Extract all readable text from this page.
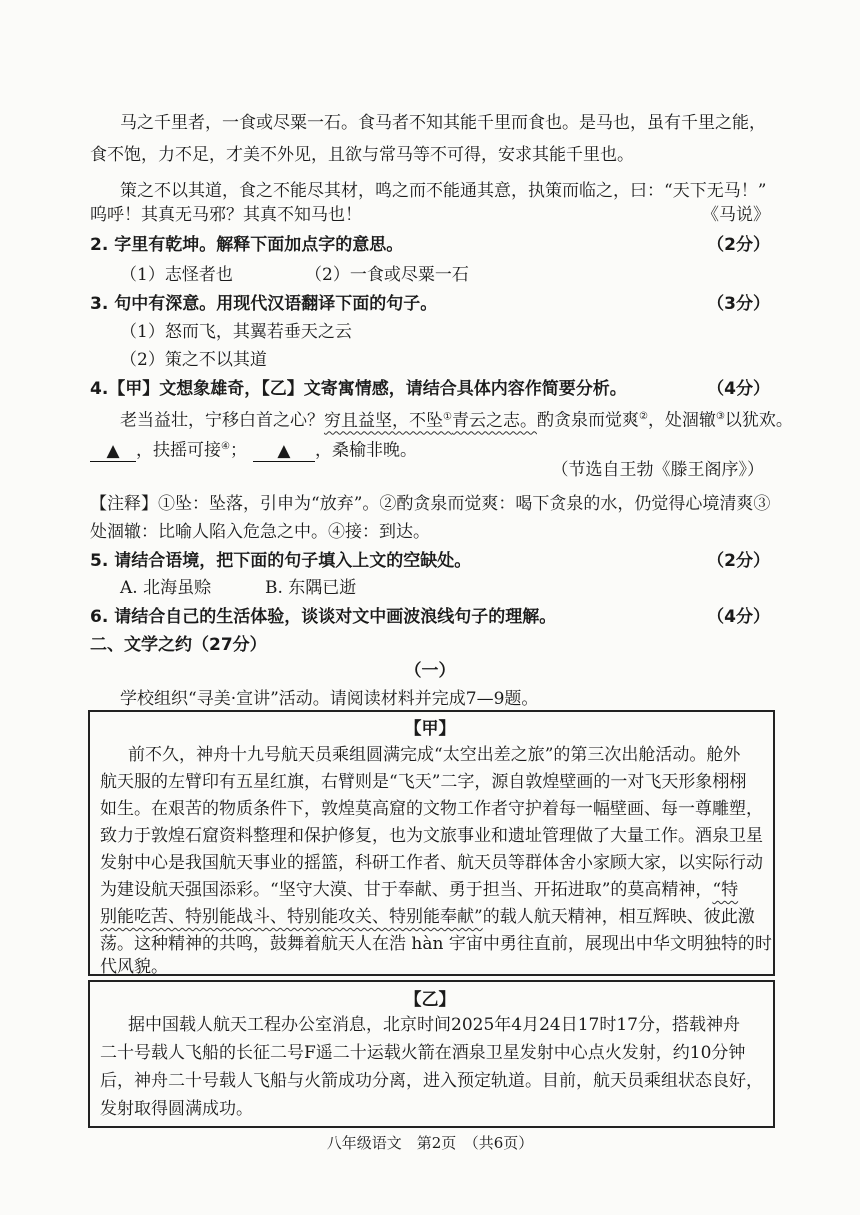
马之千里者，一食或尽粟一石。食马者不知其能千里而食也。是马也，虽有千里之能，
食不饱，力不足，才美不外见，且欲与常马等不可得，安求其能千里也。
策之不以其道，食之不能尽其材，鸣之而不能通其意，执策而临之，曰：“天下无马！”
呜呼！其真无马邪？其真不知马也！	《马说》
2. 字里有乾坤。解释下面加点字的意思。	（2分）
（1）志怪者也	（2）一食或尽粟一石
3. 句中有深意。用现代汉语翻译下面的句子。	（3分）
（1）怒而飞，其翼若垂天之云
（2）策之不以其道
4.【甲】文想象雄奇，【乙】文寄寓情感，请结合具体内容作简要分析。	（4分）
老当益壮，宁移白首之心？穷且益坚，不坠①青云之志。酌贪泉而觉爽②，处涸辙③以犹欢。
▲ ，扶摇可接④； ▲ ，桑榆非晚。
（节选自王勃《滕王阁序》）
【注释】①坠：坠落，引申为“放弃”。②酌贪泉而觉爽：喝下贪泉的水，仍觉得心境清爽③
处涸辙：比喻人陷入危急之中。④接：到达。
5. 请结合语境，把下面的句子填入上文的空缺处。	（2分）
A. 北海虽赊	B. 东隅已逝
6. 请结合自己的生活体验，谈谈对文中画波浪线句子的理解。	（4分）
二、文学之约（27分）
（一）
学校组织“寻美·宣讲”活动。请阅读材料并完成7—9题。
【甲】
前不久，神舟十九号航天员乘组圆满完成“太空出差之旅”的第三次出舱活动。舱外
航天服的左臂印有五星红旗，右臂则是“飞天”二字，源自敦煌壁画的一对飞天形象栩栩
如生。在艰苦的物质条件下，敦煌莫高窟的文物工作者守护着每一幅壁画、每一尊雕塑，
致力于敦煌石窟资料整理和保护修复，也为文旅事业和遗址管理做了大量工作。酒泉卫星
发射中心是我国航天事业的摇篮，科研工作者、航天员等群体舍小家顾大家，以实际行动
为建设航天强国添彩。“坚守大漠、甘于奉献、勇于担当、开拓进取”的莫高精神，“特
别能吃苦、特别能战斗、特别能攻关、特别能奉献”的载人航天精神，相互辉映、彼此激
荡。这种精神的共鸣，鼓舞着航天人在浩 hàn 宇宙中勇往直前，展现出中华文明独特的时
代风貌。
【乙】
据中国载人航天工程办公室消息，北京时间2025年4月24日17时17分，搭载神舟
二十号载人飞船的长征二号F遥二十运载火箭在酒泉卫星发射中心点火发射，约10分钟
后，神舟二十号载人飞船与火箭成功分离，进入预定轨道。目前，航天员乘组状态良好，
发射取得圆满成功。
八年级语文　第2页　（共6页）
